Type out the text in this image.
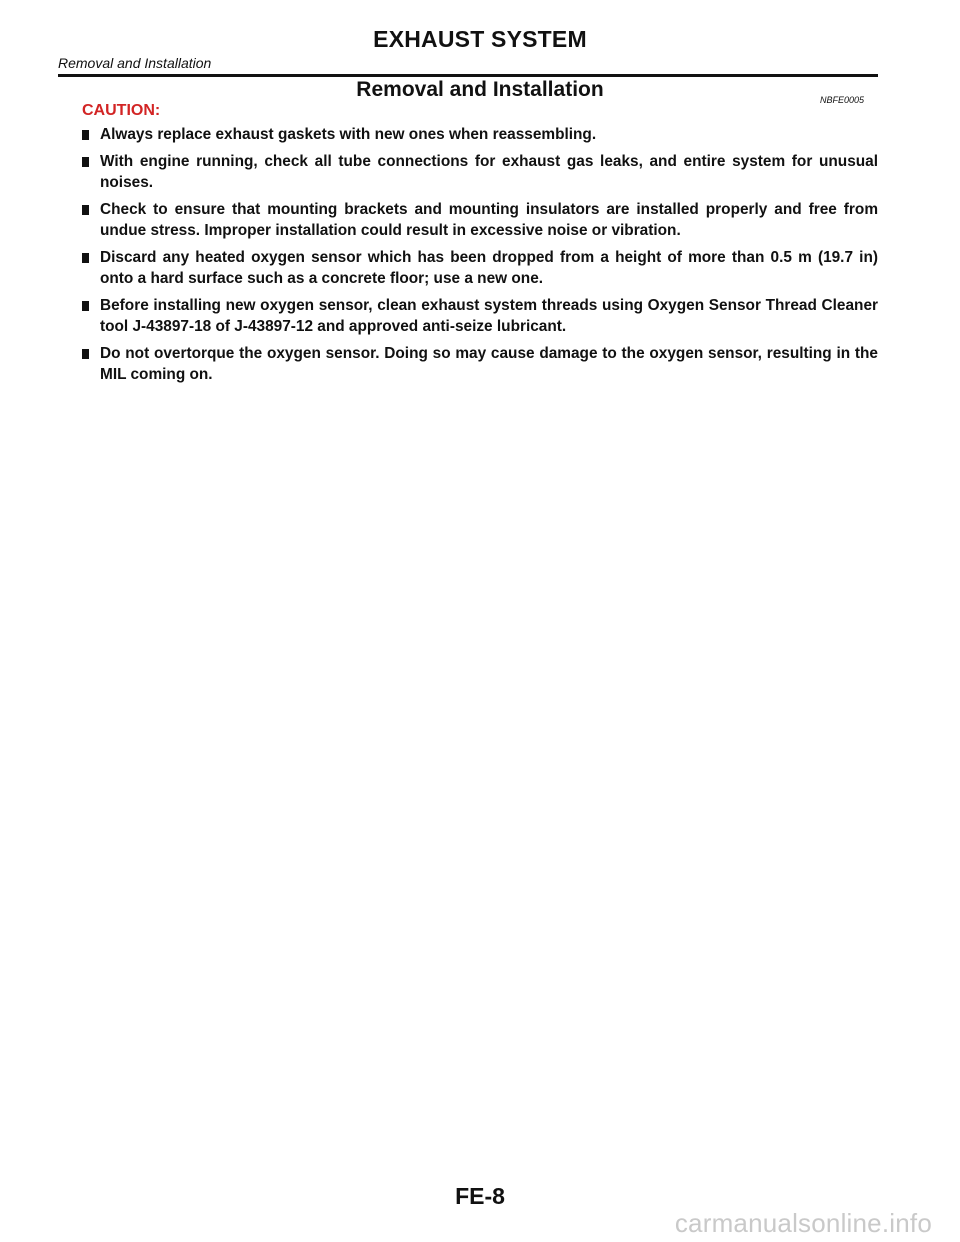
EXHAUST SYSTEM
Removal and Installation
Removal and Installation	NBFE0005
CAUTION:
Always replace exhaust gaskets with new ones when reassembling.
With engine running, check all tube connections for exhaust gas leaks, and entire system for unusual noises.
Check to ensure that mounting brackets and mounting insulators are installed properly and free from undue stress. Improper installation could result in excessive noise or vibration.
Discard any heated oxygen sensor which has been dropped from a height of more than 0.5 m (19.7 in) onto a hard surface such as a concrete floor; use a new one.
Before installing new oxygen sensor, clean exhaust system threads using Oxygen Sensor Thread Cleaner tool J-43897-18 of J-43897-12 and approved anti-seize lubricant.
Do not overtorque the oxygen sensor. Doing so may cause damage to the oxygen sensor, resulting in the MIL coming on.
FE-8
carmanualsonline.info
